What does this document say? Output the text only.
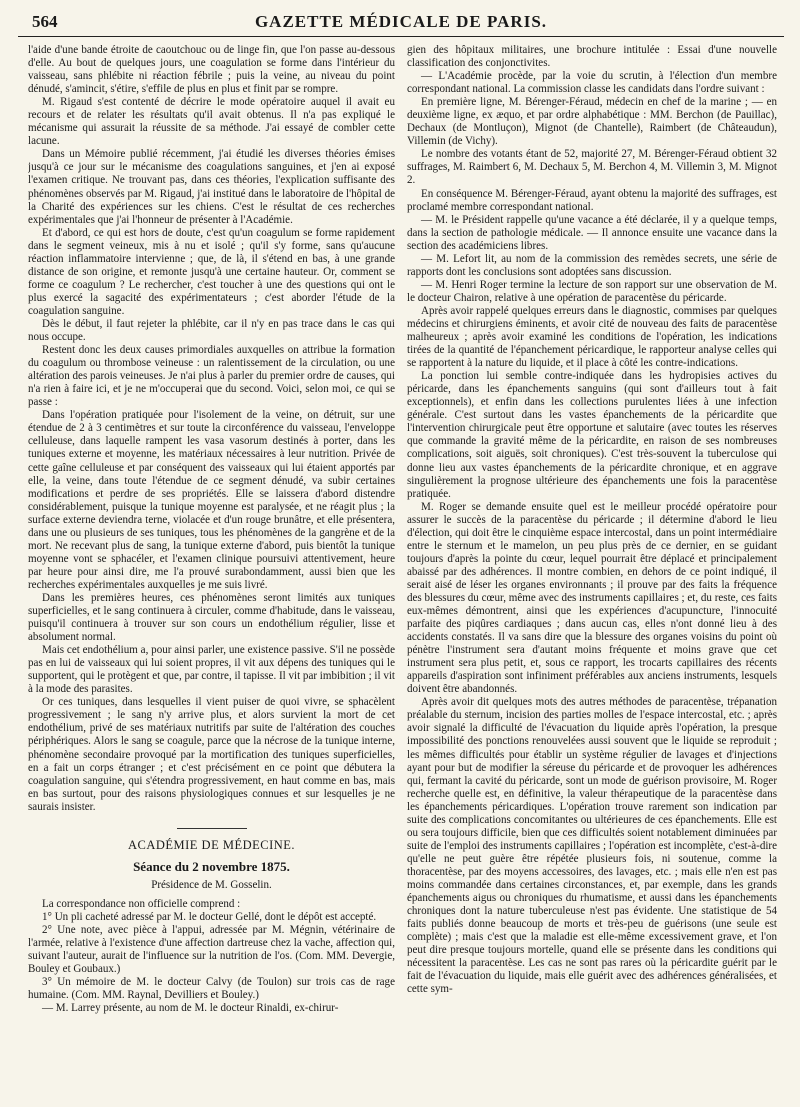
564	GAZETTE MÉDICALE DE PARIS.

l'aide d'une bande étroite de caoutchouc ou de linge fin, que l'on passe au-dessous d'elle. Au bout de quelques jours, une coagulation se forme dans l'intérieur du vaisseau, sans phlébite ni réaction fébrile ; puis la veine, au niveau du point dénudé, s'amincit, s'étire, s'effile de plus en plus et finit par se rompre.

M. Rigaud s'est contenté de décrire le mode opératoire auquel il avait eu recours et de relater les résultats qu'il avait obtenus. Il n'a pas expliqué le mécanisme qui assurait la réussite de sa méthode. J'ai essayé de combler cette lacune.

Dans un Mémoire publié récemment, j'ai étudié les diverses théories émises jusqu'à ce jour sur le mécanisme des coagulations sanguines, et j'en ai exposé l'examen critique. Ne trouvant pas, dans ces théories, l'explication suffisante des phénomènes observés par M. Rigaud, j'ai institué dans le laboratoire de l'hôpital de la Charité des expériences sur les chiens. C'est le résultat de ces recherches expérimentales que j'ai l'honneur de présenter à l'Académie.

Et d'abord, ce qui est hors de doute, c'est qu'un coagulum se forme rapidement dans le segment veineux, mis à nu et isolé ; qu'il s'y forme, sans qu'aucune réaction inflammatoire intervienne ; que, de là, il s'étend en bas, à une grande distance de son origine, et remonte jusqu'à une certaine hauteur. Or, comment se forme ce coagulum ? Le rechercher, c'est toucher à une des questions qui ont le plus exercé la sagacité des expérimentateurs ; c'est aborder l'étude de la coagulation sanguine.

Dès le début, il faut rejeter la phlébite, car il n'y en pas trace dans le cas qui nous occupe.

Restent donc les deux causes primordiales auxquelles on attribue la formation du coagulum ou thrombose veineuse : un ralentissement de la circulation, ou une altération des parois veineuses. Je n'ai plus à parler du premier ordre de causes, qui n'a rien à faire ici, et je ne m'occuperai que du second. Voici, selon moi, ce qui se passe :

Dans l'opération pratiquée pour l'isolement de la veine, on détruit, sur une étendue de 2 à 3 centimètres et sur toute la circonférence du vaisseau, l'enveloppe celluleuse, dans laquelle rampent les vasa vasorum destinés à porter, dans les tuniques externe et moyenne, les matériaux nécessaires à leur nutrition. Privée de cette gaîne celluleuse et par conséquent des vaisseaux qui lui étaient apportés par elle, la veine, dans toute l'étendue de ce segment dénudé, va subir certaines modifications et perdre de ses propriétés. Elle se laissera d'abord distendre considérablement, puisque la tunique moyenne est paralysée, et ne réagit plus ; la surface externe deviendra terne, violacée et d'un rouge brunâtre, et elle présentera, dans une ou plusieurs de ses tuniques, tous les phénomènes de la gangrène et de la mort. Ne recevant plus de sang, la tunique externe d'abord, puis bientôt la tunique moyenne vont se sphacéler, et l'examen clinique poursuivi attentivement, heure par heure pour ainsi dire, me l'a prouvé surabondamment, aussi bien que les recherches expérimentales auxquelles je me suis livré.

Dans les premières heures, ces phénomènes seront limités aux tuniques superficielles, et le sang continuera à circuler, comme d'habitude, dans le vaisseau, puisqu'il continuera à trouver sur son cours un endothélium régulier, lisse et absolument normal.

Mais cet endothélium a, pour ainsi parler, une existence passive. S'il ne possède pas en lui de vaisseaux qui lui soient propres, il vit aux dépens des tuniques qui le supportent, qui le protègent et que, par contre, il tapisse. Il vit par imbibition ; il vit à la mode des parasites.

Or ces tuniques, dans lesquelles il vient puiser de quoi vivre, se sphacèlent progressivement ; le sang n'y arrive plus, et alors survient la mort de cet endothélium, privé de ses matériaux nutritifs par suite de l'altération des couches périphériques. Alors le sang se coagule, parce que la nécrose de la tunique interne, phénomène secondaire provoqué par la mortification des tuniques superficielles, en a fait un corps étranger ; et c'est précisément en ce point que débutera la coagulation sanguine, qui s'étendra progressivement, en haut comme en bas, mais en bas surtout, pour des raisons physiologiques connues et sur lesquelles je ne saurais insister.

ACADÉMIE DE MÉDECINE.
Séance du 2 novembre 1875.
Présidence de M. Gosselin.

La correspondance non officielle comprend :

1° Un pli cacheté adressé par M. le docteur Gellé, dont le dépôt est accepté.

2° Une note, avec pièce à l'appui, adressée par M. Mégnin, vétérinaire de l'armée, relative à l'existence d'une affection dartreuse chez la vache, affection qui, suivant l'auteur, aurait de l'influence sur la nutrition de l'os. (Com. MM. Devergie, Bouley et Goubaux.)

3° Un mémoire de M. le docteur Calvy (de Toulon) sur trois cas de rage humaine. (Com. MM. Raynal, Devilliers et Bouley.)

— M. Larrey présente, au nom de M. le docteur Rinaldi, ex-chirur-

gien des hôpitaux militaires, une brochure intitulée : Essai d'une nouvelle classification des conjonctivites.

— L'Académie procède, par la voie du scrutin, à l'élection d'un membre correspondant national. La commission classe les candidats dans l'ordre suivant :

En première ligne, M. Bérenger-Féraud, médecin en chef de la marine ; — en deuxième ligne, ex æquo, et par ordre alphabétique : MM. Berchon (de Pauillac), Dechaux (de Montluçon), Mignot (de Chantelle), Raimbert (de Châteaudun), Villemin (de Vichy).

Le nombre des votants étant de 52, majorité 27, M. Bérenger-Féraud obtient 32 suffrages, M. Raimbert 6, M. Dechaux 5, M. Berchon 4, M. Villemin 3, M. Mignot 2.

En conséquence M. Bérenger-Féraud, ayant obtenu la majorité des suffrages, est proclamé membre correspondant national.

— M. le Président rappelle qu'une vacance a été déclarée, il y a quelque temps, dans la section de pathologie médicale. — Il annonce ensuite une vacance dans la section des académiciens libres.

— M. Lefort lit, au nom de la commission des remèdes secrets, une série de rapports dont les conclusions sont adoptées sans discussion.

— M. Henri Roger termine la lecture de son rapport sur une observation de M. le docteur Chairon, relative à une opération de paracentèse du péricarde.

Après avoir rappelé quelques erreurs dans le diagnostic, commises par quelques médecins et chirurgiens éminents, et avoir cité de nouveau des faits de paracentèse malheureux ; après avoir examiné les conditions de l'opération, les indications tirées de la quantité de l'épanchement péricardique, le rapporteur analyse celles qui se rapportent à la nature du liquide, et il place à côté les contre-indications.

La ponction lui semble contre-indiquée dans les hydropisies actives du péricarde, dans les épanchements sanguins (qui sont d'ailleurs tout à fait exceptionnels), et enfin dans les collections purulentes liées à une infection générale. C'est surtout dans les vastes épanchements de la péricardite que l'intervention chirurgicale peut être opportune et salutaire (avec toutes les réserves que commande la gravité même de la péricardite, en raison de ses nombreuses complications, soit aiguës, soit chroniques). C'est très-souvent la tuberculose qui donne lieu aux vastes épanchements de la péricardite chronique, et en aggrave singulièrement la prognose ultérieure des épanchements une fois la paracentèse pratiquée.

M. Roger se demande ensuite quel est le meilleur procédé opératoire pour assurer le succès de la paracentèse du péricarde ; il détermine d'abord le lieu d'élection, qui doit être le cinquième espace intercostal, dans un point intermédiaire entre le sternum et le mamelon, un peu plus près de ce dernier, en se guidant toujours d'après la pointe du cœur, lequel pourrait être déplacé et principalement abaissé par des adhérences. Il montre combien, en dehors de ce point indiqué, il serait aisé de léser les organes environnants ; il prouve par des faits la fréquence des blessures du cœur, même avec des instruments capillaires ; et, du reste, ces faits eux-mêmes démontrent, ainsi que les expériences d'acupuncture, l'innocuité parfaite des piqûres cardiaques ; dans aucun cas, elles n'ont donné lieu à des accidents constatés. Il va sans dire que la blessure des organes voisins du point où pénètre l'instrument sera d'autant moins fréquente et moins grave que cet instrument sera plus petit, et, sous ce rapport, les trocarts capillaires des récents appareils d'aspiration sont infiniment préférables aux anciens instruments, lesquels doivent être abandonnés.

Après avoir dit quelques mots des autres méthodes de paracentèse, trépanation préalable du sternum, incision des parties molles de l'espace intercostal, etc. ; après avoir signalé la difficulté de l'évacuation du liquide après l'opération, la presque impossibilité des ponctions renouvelées aussi souvent que le liquide se reproduit ; les mêmes difficultés pour établir un système régulier de lavages et d'injections ayant pour but de modifier la séreuse du péricarde et de provoquer les adhérences qui, fermant la cavité du péricarde, sont un mode de guérison provisoire, M. Roger recherche quelle est, en définitive, la valeur thérapeutique de la paracentèse dans les épanchements péricardiques. L'opération trouve rarement son indication par suite des complications concomitantes ou ultérieures de ces épanchements. Elle est ou sera toujours difficile, bien que ces difficultés soient notablement diminuées par suite de l'emploi des instruments capillaires ; l'opération est incomplète, c'est-à-dire qu'elle ne peut guère être répétée plusieurs fois, ni soutenue, comme la thoracentèse, par des moyens accessoires, des lavages, etc. ; mais elle n'en est pas moins commandée dans certaines circonstances, et, par exemple, dans les grands épanchements aigus ou chroniques du rhumatisme, et aussi dans les épanchements chroniques dont la nature tuberculeuse n'est pas évidente. Une statistique de 54 faits publiés donne beaucoup de morts et très-peu de guérisons (une seule est complète) ; mais c'est que la maladie est elle-même excessivement grave, et l'on peut dire presque toujours mortelle, quand elle se présente dans les conditions qui nécessitent la paracentèse. Les cas ne sont pas rares où la péricardite guérit par le fait de l'évacuation du liquide, mais elle guérit avec des adhérences généralisées, et cette sym-
